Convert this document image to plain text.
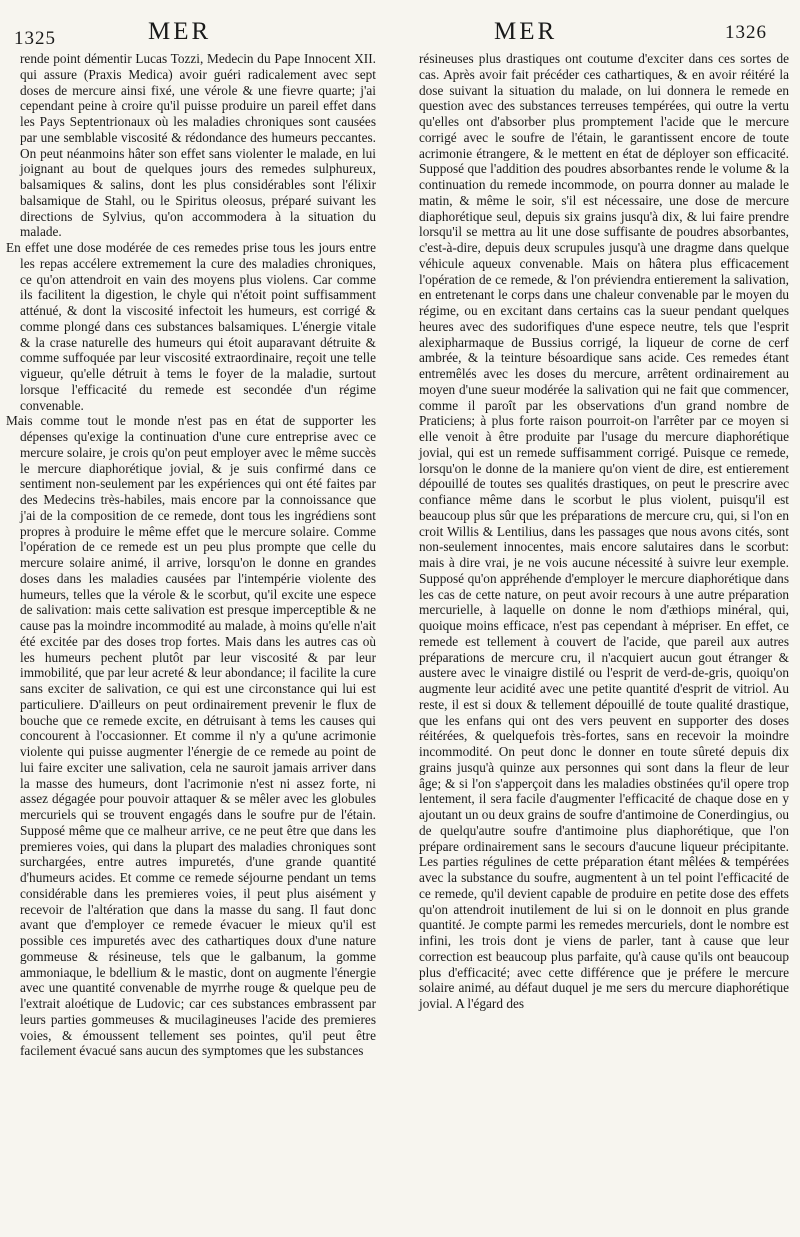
1325	MER	MER	1326

rende point démentir Lucas Tozzi, Medecin du Pape Innocent XII. qui assure (Praxis Medica) avoir guéri radicalement avec sept doses de mercure ainsi fixé, une vérole & une fievre quarte; j'ai cependant peine à croire qu'il puisse produire un pareil effet dans les Pays Septentrionaux où les maladies chroniques sont causées par une semblable viscosité & rédondance des humeurs peccantes. On peut néanmoins hâter son effet sans violenter le malade, en lui joignant au bout de quelques jours des remedes sulphureux, balsamiques & salins, dont les plus considérables sont l'élixir balsamique de Stahl, ou le Spiritus oleosus, préparé suivant les directions de Sylvius, qu'on accommodera à la situation du malade.

En effet une dose modérée de ces remedes prise tous les jours entre les repas accélere extremement la cure des maladies chroniques, ce qu'on attendroit en vain des moyens plus violens. Car comme ils facilitent la digestion, le chyle qui n'étoit point suffisamment atténué, & dont la viscosité infectoit les humeurs, est corrigé & comme plongé dans ces substances balsamiques. L'énergie vitale & la crase naturelle des humeurs qui étoit auparavant détruite & comme suffoquée par leur viscosité extraordinaire, reçoit une telle vigueur, qu'elle détruit à tems le foyer de la maladie, surtout lorsque l'efficacité du remede est secondée d'un régime convenable.

Mais comme tout le monde n'est pas en état de supporter les dépenses qu'exige la continuation d'une cure entreprise avec ce mercure solaire, je crois qu'on peut employer avec le même succès le mercure diaphorétique jovial, & je suis confirmé dans ce sentiment non-seulement par les expériences qui ont été faites par des Medecins très-habiles, mais encore par la connoissance que j'ai de la composition de ce remede, dont tous les ingrédiens sont propres à produire le même effet que le mercure solaire. Comme l'opération de ce remede est un peu plus prompte que celle du mercure solaire animé, il arrive, lorsqu'on le donne en grandes doses dans les maladies causées par l'intempérie violente des humeurs, telles que la vérole & le scorbut, qu'il excite une espece de salivation: mais cette salivation est presque imperceptible & ne cause pas la moindre incommodité au malade, à moins qu'elle n'ait été excitée par des doses trop fortes. Mais dans les autres cas où les humeurs pechent plutôt par leur viscosité & par leur immobilité, que par leur acreté & leur abondance; il facilite la cure sans exciter de salivation, ce qui est une circonstance qui lui est particuliere. D'ailleurs on peut ordinairement prevenir le flux de bouche que ce remede excite, en détruisant à tems les causes qui concourent à l'occasionner. Et comme il n'y a qu'une acrimonie violente qui puisse augmenter l'énergie de ce remede au point de lui faire exciter une salivation, cela ne sauroit jamais arriver dans la masse des humeurs, dont l'acrimonie n'est ni assez forte, ni assez dégagée pour pouvoir attaquer & se mêler avec les globules mercuriels qui se trouvent engagés dans le soufre pur de l'étain. Supposé même que ce malheur arrive, ce ne peut être que dans les premieres voies, qui dans la plupart des maladies chroniques sont surchargées, entre autres impuretés, d'une grande quantité d'humeurs acides. Et comme ce remede séjourne pendant un tems considérable dans les premieres voies, il peut plus aisément y recevoir de l'altération que dans la masse du sang. Il faut donc avant que d'employer ce remede évacuer le mieux qu'il est possible ces impuretés avec des cathartiques doux d'une nature gommeuse & résineuse, tels que le galbanum, la gomme ammoniaque, le bdellium & le mastic, dont on augmente l'énergie avec une quantité convenable de myrrhe rouge & quelque peu de l'extrait aloétique de Ludovic; car ces substances embrassent par leurs parties gommeuses & mucilagineuses l'acide des premieres voies, & émoussent tellement ses pointes, qu'il peut être facilement évacué sans aucun des symptomes que les substances

résineuses plus drastiques ont coutume d'exciter dans ces sortes de cas. Après avoir fait précéder ces cathartiques, & en avoir réitéré la dose suivant la situation du malade, on lui donnera le remede en question avec des substances terreuses tempérées, qui outre la vertu qu'elles ont d'absorber plus promptement l'acide que le mercure corrigé avec le soufre de l'étain, le garantissent encore de toute acrimonie étrangere, & le mettent en état de déployer son efficacité. Supposé que l'addition des poudres absorbantes rende le volume & la continuation du remede incommode, on pourra donner au malade le matin, & même le soir, s'il est nécessaire, une dose de mercure diaphorétique seul, depuis six grains jusqu'à dix, & lui faire prendre lorsqu'il se mettra au lit une dose suffisante de poudres absorbantes, c'est-à-dire, depuis deux scrupules jusqu'à une dragme dans quelque véhicule aqueux convenable. Mais on hâtera plus efficacement l'opération de ce remede, & l'on préviendra entierement la salivation, en entretenant le corps dans une chaleur convenable par le moyen du régime, ou en excitant dans certains cas la sueur pendant quelques heures avec des sudorifiques d'une espece neutre, tels que l'esprit alexipharmaque de Bussius corrigé, la liqueur de corne de cerf ambrée, & la teinture bésoardique sans acide. Ces remedes étant entremêlés avec les doses du mercure, arrêtent ordinairement au moyen d'une sueur modérée la salivation qui ne fait que commencer, comme il paroît par les observations d'un grand nombre de Praticiens; à plus forte raison pourroit-on l'arrêter par ce moyen si elle venoit à être produite par l'usage du mercure diaphorétique jovial, qui est un remede suffisamment corrigé. Puisque ce remede, lorsqu'on le donne de la maniere qu'on vient de dire, est entierement dépouillé de toutes ses qualités drastiques, on peut le prescrire avec confiance même dans le scorbut le plus violent, puisqu'il est beaucoup plus sûr que les préparations de mercure cru, qui, si l'on en croit Willis & Lentilius, dans les passages que nous avons cités, sont non-seulement innocentes, mais encore salutaires dans le scorbut: mais à dire vrai, je ne vois aucune nécessité à suivre leur exemple. Supposé qu'on appréhende d'employer le mercure diaphorétique dans les cas de cette nature, on peut avoir recours à une autre préparation mercurielle, à laquelle on donne le nom d'æthiops minéral, qui, quoique moins efficace, n'est pas cependant à mépriser. En effet, ce remede est tellement à couvert de l'acide, que pareil aux autres préparations de mercure cru, il n'acquiert aucun gout étranger & austere avec le vinaigre distilé ou l'esprit de verd-de-gris, quoiqu'on augmente leur acidité avec une petite quantité d'esprit de vitriol. Au reste, il est si doux & tellement dépouillé de toute qualité drastique, que les enfans qui ont des vers peuvent en supporter des doses réitérées, & quelquefois très-fortes, sans en recevoir la moindre incommodité. On peut donc le donner en toute sûreté depuis dix grains jusqu'à quinze aux personnes qui sont dans la fleur de leur âge; & si l'on s'apperçoit dans les maladies obstinées qu'il opere trop lentement, il sera facile d'augmenter l'efficacité de chaque dose en y ajoutant un ou deux grains de soufre d'antimoine de Conerdingius, ou de quelqu'autre soufre d'antimoine plus diaphorétique, que l'on prépare ordinairement sans le secours d'aucune liqueur précipitante. Les parties régulines de cette préparation étant mêlées & tempérées avec la substance du soufre, augmentent à un tel point l'efficacité de ce remede, qu'il devient capable de produire en petite dose des effets qu'on attendroit inutilement de lui si on le donnoit en plus grande quantité. Je compte parmi les remedes mercuriels, dont le nombre est infini, les trois dont je viens de parler, tant à cause que leur correction est beaucoup plus parfaite, qu'à cause qu'ils ont beaucoup plus d'efficacité; avec cette différence que je préfere le mercure solaire animé, au défaut duquel je me sers du mercure diaphorétique jovial. A l'égard des
